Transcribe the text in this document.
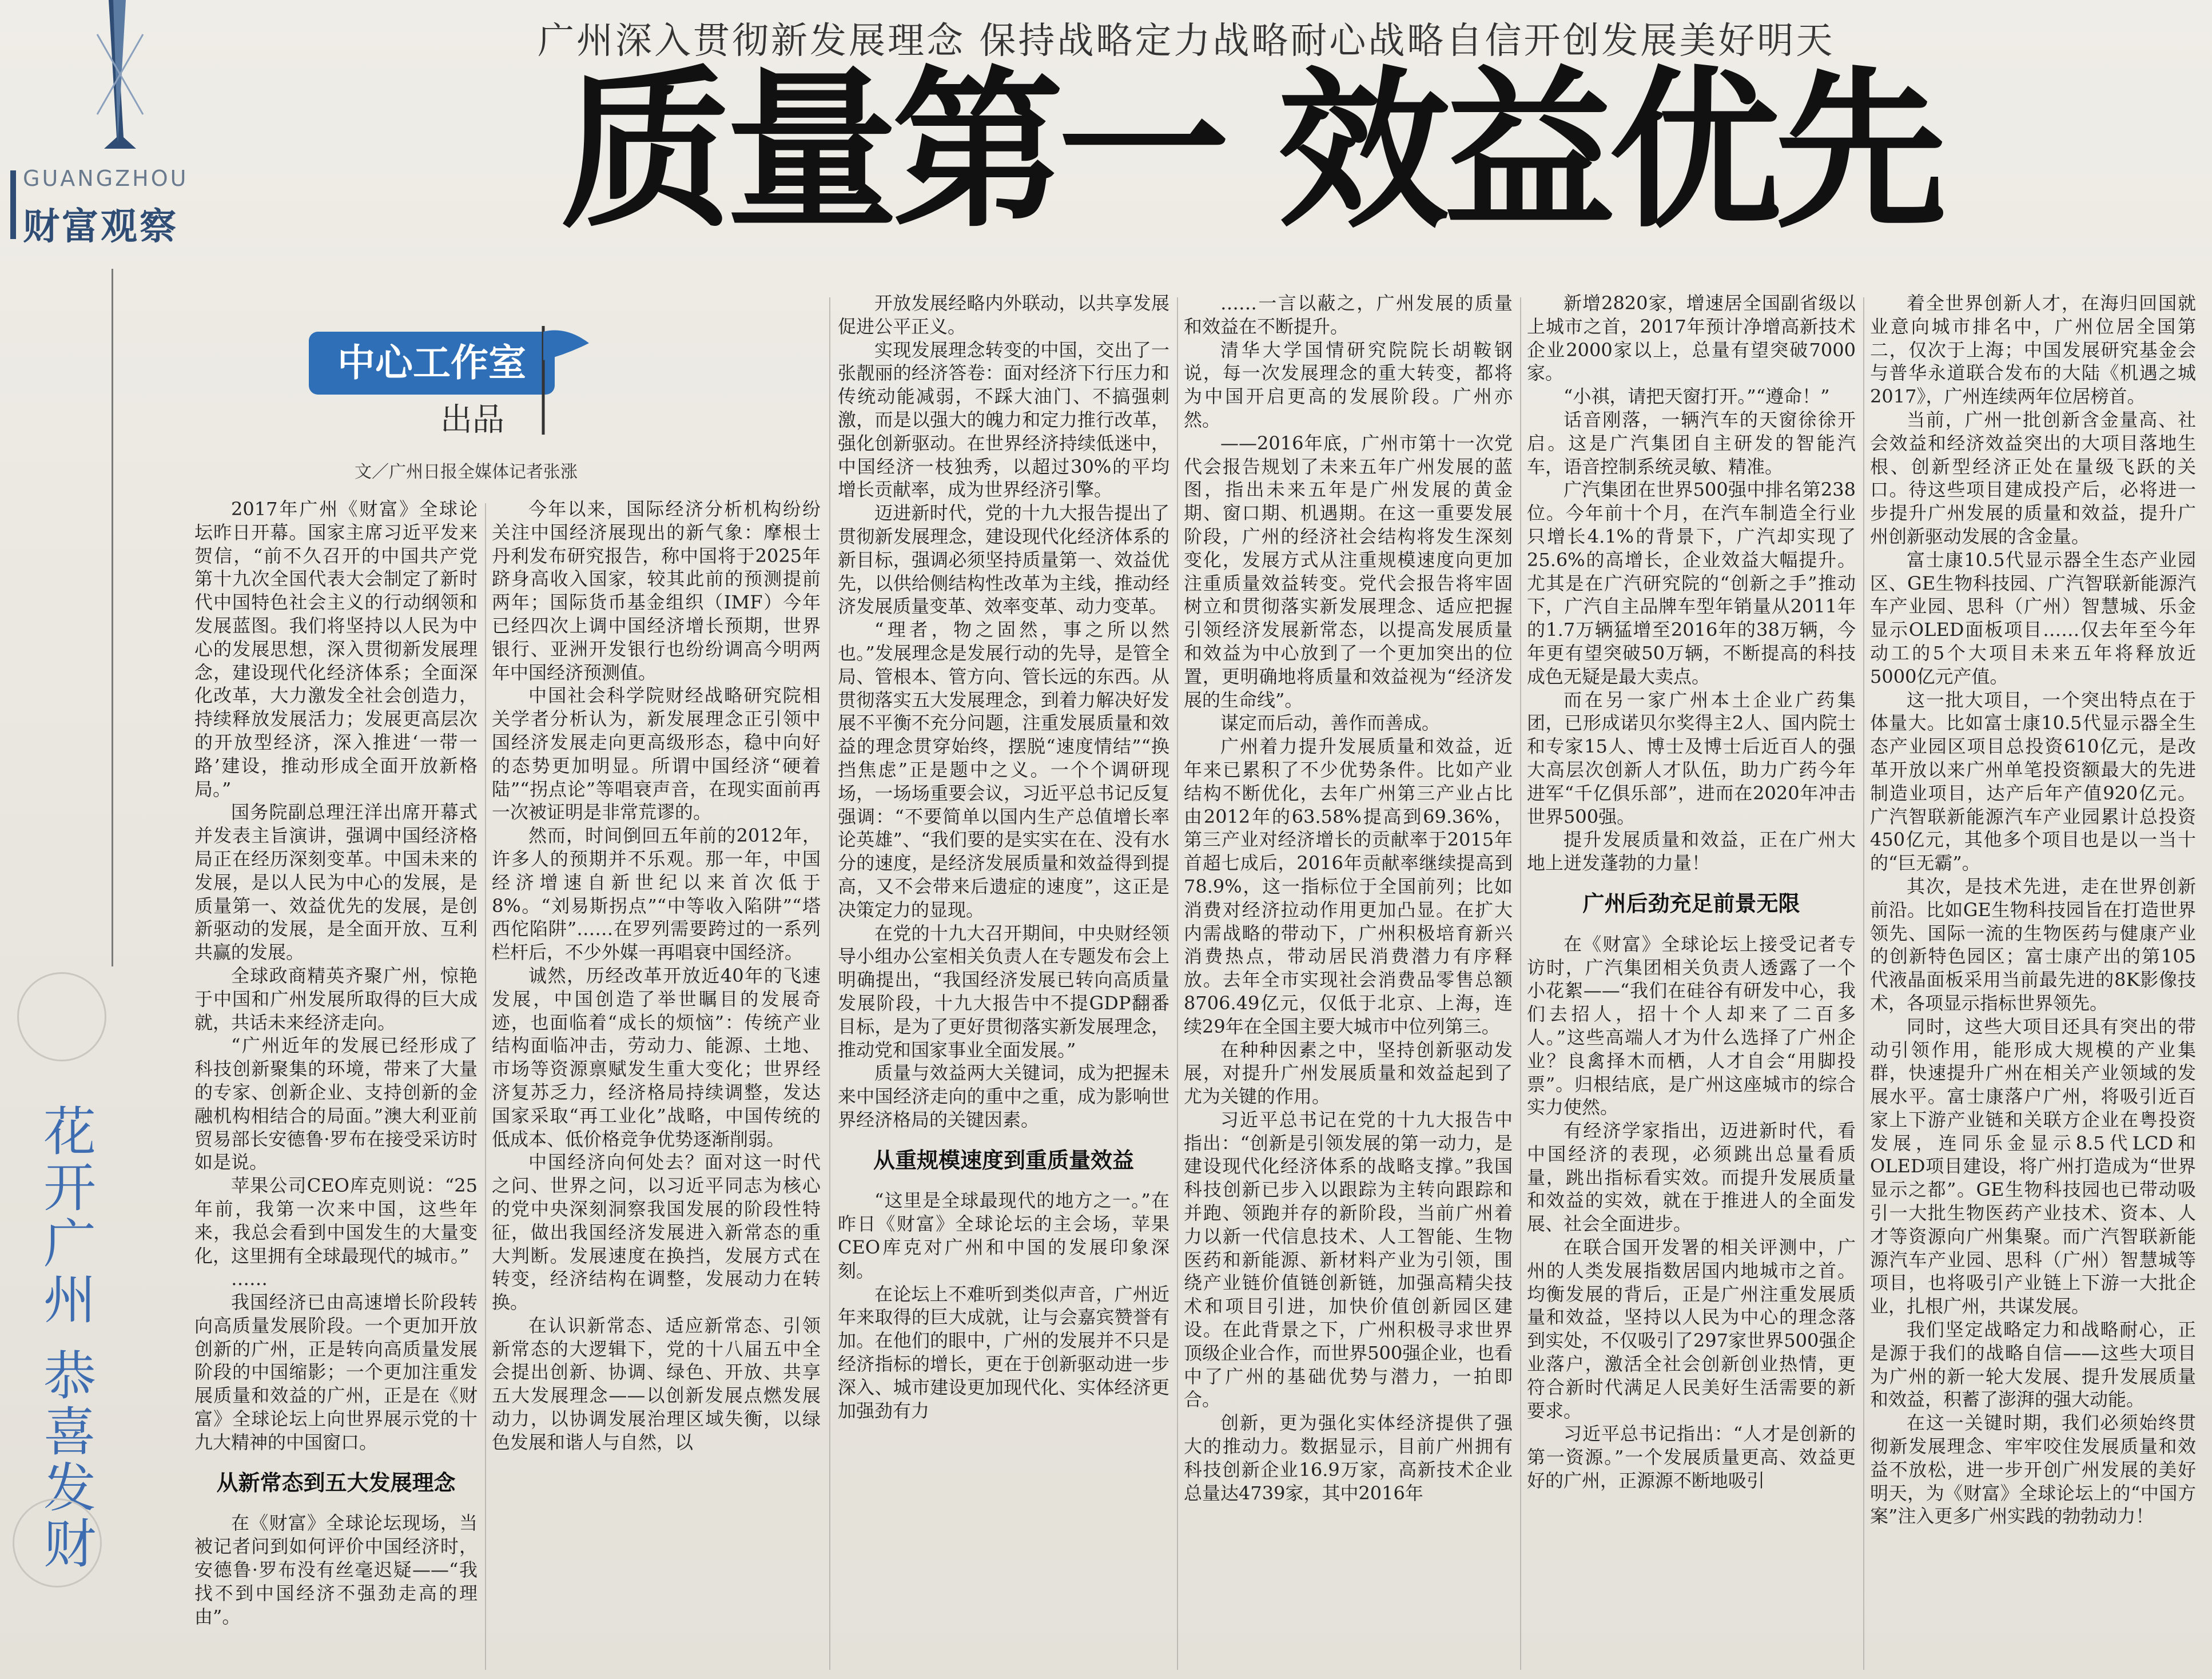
GUANGZHOU
财富观察
花开广州 恭喜发财
广州深入贯彻新发展理念 保持战略定力战略耐心战略自信开创发展美好明天
质量第一 效益优先
中心工作室
出品
文／广州日报全媒体记者张涨

2017年广州《财富》全球论坛昨日开幕。国家主席习近平发来贺信，“前不久召开的中国共产党第十九次全国代表大会制定了新时代中国特色社会主义的行动纲领和发展蓝图。我们将坚持以人民为中心的发展思想，深入贯彻新发展理念，建设现代化经济体系；全面深化改革，大力激发全社会创造力，持续释放发展活力；发展更高层次的开放型经济，深入推进‘一带一路’建设，推动形成全面开放新格局。”

国务院副总理汪洋出席开幕式并发表主旨演讲，强调中国经济格局正在经历深刻变革。中国未来的发展，是以人民为中心的发展，是质量第一、效益优先的发展，是创新驱动的发展，是全面开放、互利共赢的发展。

全球政商精英齐聚广州，惊艳于中国和广州发展所取得的巨大成就，共话未来经济走向。

“广州近年的发展已经形成了科技创新聚集的环境，带来了大量的专家、创新企业、支持创新的金融机构相结合的局面。”澳大利亚前贸易部长安德鲁·罗布在接受采访时如是说。

苹果公司CEO库克则说：“25年前，我第一次来中国，这些年来，我总会看到中国发生的大量变化，这里拥有全球最现代的城市。”

……

我国经济已由高速增长阶段转向高质量发展阶段。一个更加开放创新的广州，正是转向高质量发展阶段的中国缩影；一个更加注重发展质量和效益的广州，正是在《财富》全球论坛上向世界展示党的十九大精神的中国窗口。

从新常态到五大发展理念

在《财富》全球论坛现场，当被记者问到如何评价中国经济时，安德鲁·罗布没有丝毫迟疑——“我找不到中国经济不强劲走高的理由”。

今年以来，国际经济分析机构纷纷关注中国经济展现出的新气象：摩根士丹利发布研究报告，称中国将于2025年跻身高收入国家，较其此前的预测提前两年；国际货币基金组织（IMF）今年已经四次上调中国经济增长预期，世界银行、亚洲开发银行也纷纷调高今明两年中国经济预测值。

中国社会科学院财经战略研究院相关学者分析认为，新发展理念正引领中国经济发展走向更高级形态，稳中向好的态势更加明显。所谓中国经济“硬着陆”“拐点论”等唱衰声音，在现实面前再一次被证明是非常荒谬的。

然而，时间倒回五年前的2012年，许多人的预期并不乐观。那一年，中国经济增速自新世纪以来首次低于8%。“刘易斯拐点”“中等收入陷阱”“塔西佗陷阱”……在罗列需要跨过的一系列栏杆后，不少外媒一再唱衰中国经济。

诚然，历经改革开放近40年的飞速发展，中国创造了举世瞩目的发展奇迹，也面临着“成长的烦恼”：传统产业结构面临冲击，劳动力、能源、土地、市场等资源禀赋发生重大变化；世界经济复苏乏力，经济格局持续调整，发达国家采取“再工业化”战略，中国传统的低成本、低价格竞争优势逐渐削弱。

中国经济向何处去？面对这一时代之问、世界之问，以习近平同志为核心的党中央深刻洞察我国发展的阶段性特征，做出我国经济发展进入新常态的重大判断。发展速度在换挡，发展方式在转变，经济结构在调整，发展动力在转换。

在认识新常态、适应新常态、引领新常态的大逻辑下，党的十八届五中全会提出创新、协调、绿色、开放、共享五大发展理念——以创新发展点燃发展动力，以协调发展治理区域失衡，以绿色发展和谐人与自然，以

开放发展经略内外联动，以共享发展促进公平正义。

实现发展理念转变的中国，交出了一张靓丽的经济答卷：面对经济下行压力和传统动能减弱，不踩大油门、不搞强刺激，而是以强大的魄力和定力推行改革，强化创新驱动。在世界经济持续低迷中，中国经济一枝独秀，以超过30%的平均增长贡献率，成为世界经济引擎。

迈进新时代，党的十九大报告提出了贯彻新发展理念，建设现代化经济体系的新目标，强调必须坚持质量第一、效益优先，以供给侧结构性改革为主线，推动经济发展质量变革、效率变革、动力变革。

“理者，物之固然，事之所以然也。”发展理念是发展行动的先导，是管全局、管根本、管方向、管长远的东西。从贯彻落实五大发展理念，到着力解决好发展不平衡不充分问题，注重发展质量和效益的理念贯穿始终，摆脱“速度情结”“换挡焦虑”正是题中之义。一个个调研现场，一场场重要会议，习近平总书记反复强调：“不要简单以国内生产总值增长率论英雄”、“我们要的是实实在在、没有水分的速度，是经济发展质量和效益得到提高，又不会带来后遗症的速度”，这正是决策定力的显现。

在党的十九大召开期间，中央财经领导小组办公室相关负责人在专题发布会上明确提出，“我国经济发展已转向高质量发展阶段，十九大报告中不提GDP翻番目标，是为了更好贯彻落实新发展理念，推动党和国家事业全面发展。”

质量与效益两大关键词，成为把握未来中国经济走向的重中之重，成为影响世界经济格局的关键因素。

从重规模速度到重质量效益

“这里是全球最现代的地方之一。”在昨日《财富》全球论坛的主会场，苹果CEO库克对广州和中国的发展印象深刻。

在论坛上不难听到类似声音，广州近年来取得的巨大成就，让与会嘉宾赞誉有加。在他们的眼中，广州的发展并不只是经济指标的增长，更在于创新驱动进一步深入、城市建设更加现代化、实体经济更加强劲有力

……一言以蔽之，广州发展的质量和效益在不断提升。

清华大学国情研究院院长胡鞍钢说，每一次发展理念的重大转变，都将为中国开启更高的发展阶段。广州亦然。

——2016年底，广州市第十一次党代会报告规划了未来五年广州发展的蓝图，指出未来五年是广州发展的黄金期、窗口期、机遇期。在这一重要发展阶段，广州的经济社会结构将发生深刻变化，发展方式从注重规模速度向更加注重质量效益转变。党代会报告将牢固树立和贯彻落实新发展理念、适应把握引领经济发展新常态，以提高发展质量和效益为中心放到了一个更加突出的位置，更明确地将质量和效益视为“经济发展的生命线”。

谋定而后动，善作而善成。

广州着力提升发展质量和效益，近年来已累积了不少优势条件。比如产业结构不断优化，去年广州第三产业占比由2012年的63.58%提高到69.36%，第三产业对经济增长的贡献率于2015年首超七成后，2016年贡献率继续提高到78.9%，这一指标位于全国前列；比如消费对经济拉动作用更加凸显。在扩大内需战略的带动下，广州积极培育新兴消费热点，带动居民消费潜力有序释放。去年全市实现社会消费品零售总额8706.49亿元，仅低于北京、上海，连续29年在全国主要大城市中位列第三。

在种种因素之中，坚持创新驱动发展，对提升广州发展质量和效益起到了尤为关键的作用。

习近平总书记在党的十九大报告中指出：“创新是引领发展的第一动力，是建设现代化经济体系的战略支撑。”我国科技创新已步入以跟踪为主转向跟踪和并跑、领跑并存的新阶段，当前广州着力以新一代信息技术、人工智能、生物医药和新能源、新材料产业为引领，围绕产业链价值链创新链，加强高精尖技术和项目引进，加快价值创新园区建设。在此背景之下，广州积极寻求世界顶级企业合作，而世界500强企业，也看中了广州的基础优势与潜力，一拍即合。

创新，更为强化实体经济提供了强大的推动力。数据显示，目前广州拥有科技创新企业16.9万家，高新技术企业总量达4739家，其中2016年

新增2820家，增速居全国副省级以上城市之首，2017年预计净增高新技术企业2000家以上，总量有望突破7000家。

“小祺，请把天窗打开。”“遵命！”

话音刚落，一辆汽车的天窗徐徐开启。这是广汽集团自主研发的智能汽车，语音控制系统灵敏、精准。

广汽集团在世界500强中排名第238位。今年前十个月，在汽车制造全行业只增长4.1%的背景下，广汽却实现了25.6%的高增长，企业效益大幅提升。尤其是在广汽研究院的“创新之手”推动下，广汽自主品牌车型年销量从2011年的1.7万辆猛增至2016年的38万辆，今年更有望突破50万辆，不断提高的科技成色无疑是最大卖点。

而在另一家广州本土企业广药集团，已形成诺贝尔奖得主2人、国内院士和专家15人、博士及博士后近百人的强大高层次创新人才队伍，助力广药今年进军“千亿俱乐部”，进而在2020年冲击世界500强。

提升发展质量和效益，正在广州大地上迸发蓬勃的力量！

广州后劲充足前景无限

在《财富》全球论坛上接受记者专访时，广汽集团相关负责人透露了一个小花絮——“我们在硅谷有研发中心，我们去招人，招十个人却来了二百多人。”这些高端人才为什么选择了广州企业？良禽择木而栖，人才自会“用脚投票”。归根结底，是广州这座城市的综合实力使然。

有经济学家指出，迈进新时代，看中国经济的表现，必须跳出总量看质量，跳出指标看实效。而提升发展质量和效益的实效，就在于推进人的全面发展、社会全面进步。

在联合国开发署的相关评测中，广州的人类发展指数居国内地城市之首。均衡发展的背后，正是广州注重发展质量和效益，坚持以人民为中心的理念落到实处，不仅吸引了297家世界500强企业落户，激活全社会创新创业热情，更符合新时代满足人民美好生活需要的新要求。

习近平总书记指出：“人才是创新的第一资源。”一个发展质量更高、效益更好的广州，正源源不断地吸引

着全世界创新人才，在海归回国就业意向城市排名中，广州位居全国第二，仅次于上海；中国发展研究基金会与普华永道联合发布的大陆《机遇之城2017》，广州连续两年位居榜首。

当前，广州一批创新含金量高、社会效益和经济效益突出的大项目落地生根、创新型经济正处在量级飞跃的关口。待这些项目建成投产后，必将进一步提升广州发展的质量和效益，提升广州创新驱动发展的含金量。

富士康10.5代显示器全生态产业园区、GE生物科技园、广汽智联新能源汽车产业园、思科（广州）智慧城、乐金显示OLED面板项目……仅去年至今年动工的5个大项目未来五年将释放近5000亿元产值。

这一批大项目，一个突出特点在于体量大。比如富士康10.5代显示器全生态产业园区项目总投资610亿元，是改革开放以来广州单笔投资额最大的先进制造业项目，达产后年产值920亿元。广汽智联新能源汽车产业园累计总投资450亿元，其他多个项目也是以一当十的“巨无霸”。

其次，是技术先进，走在世界创新前沿。比如GE生物科技园旨在打造世界领先、国际一流的生物医药与健康产业的创新特色园区；富士康产出的第105代液晶面板采用当前最先进的8K影像技术，各项显示指标世界领先。

同时，这些大项目还具有突出的带动引领作用，能形成大规模的产业集群，快速提升广州在相关产业领域的发展水平。富士康落户广州，将吸引近百家上下游产业链和关联方企业在粤投资发展，连同乐金显示8.5代LCD和OLED项目建设，将广州打造成为“世界显示之都”。GE生物科技园也已带动吸引一大批生物医药产业技术、资本、人才等资源向广州集聚。而广汽智联新能源汽车产业园、思科（广州）智慧城等项目，也将吸引产业链上下游一大批企业，扎根广州，共谋发展。

我们坚定战略定力和战略耐心，正是源于我们的战略自信——这些大项目为广州的新一轮大发展、提升发展质量和效益，积蓄了澎湃的强大动能。

在这一关键时期，我们必须始终贯彻新发展理念、牢牢咬住发展质量和效益不放松，进一步开创广州发展的美好明天，为《财富》全球论坛上的“中国方案”注入更多广州实践的勃勃动力！
